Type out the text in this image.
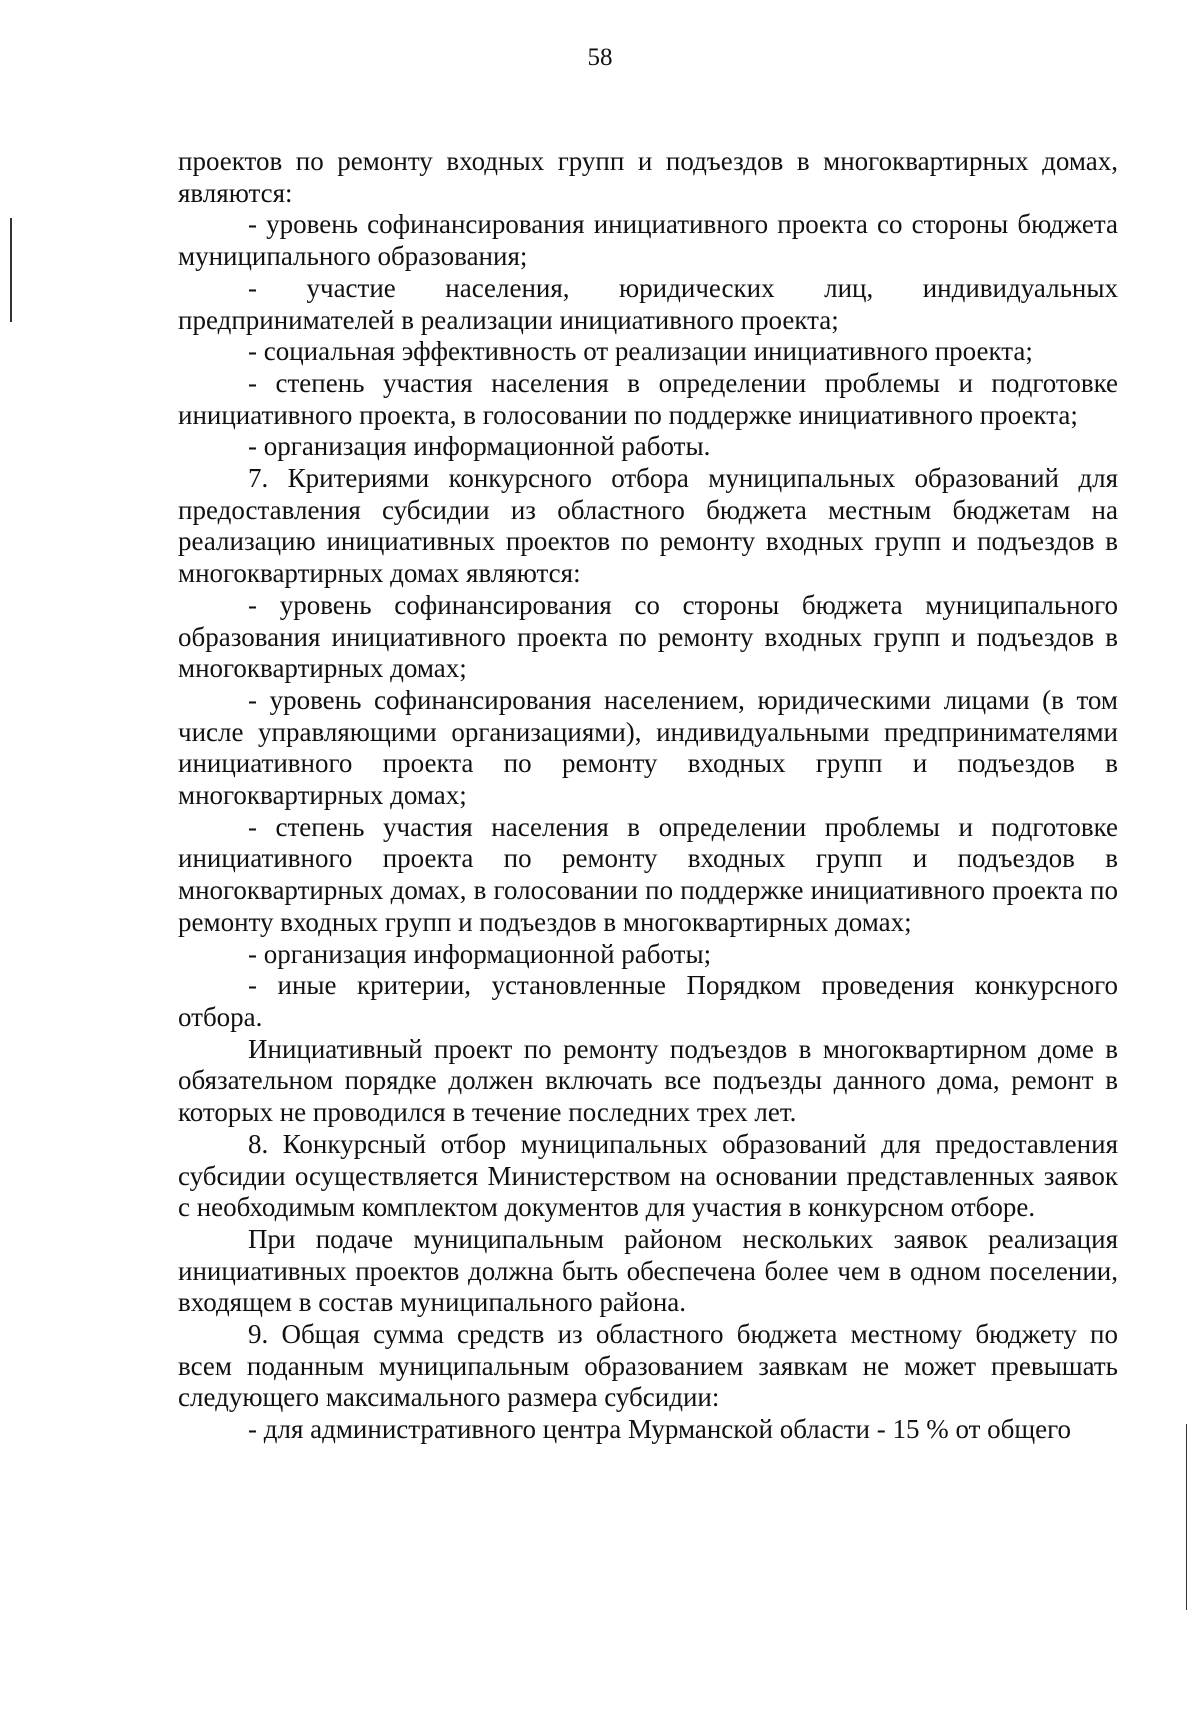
58

проектов по ремонту входных групп и подъездов в многоквартирных домах, являются:

- уровень софинансирования инициативного проекта со стороны бюджета муниципального образования;

- участие населения, юридических лиц, индивидуальных предпринимателей в реализации инициативного проекта;

- социальная эффективность от реализации инициативного проекта;

- степень участия населения в определении проблемы и подготовке инициативного проекта, в голосовании по поддержке инициативного проекта;

- организация информационной работы.

7. Критериями конкурсного отбора муниципальных образований для предоставления субсидии из областного бюджета местным бюджетам на реализацию инициативных проектов по ремонту входных групп и подъездов в многоквартирных домах являются:

- уровень софинансирования со стороны бюджета муниципального образования инициативного проекта по ремонту входных групп и подъездов в многоквартирных домах;

- уровень софинансирования населением, юридическими лицами (в том числе управляющими организациями), индивидуальными предпринимателями инициативного проекта по ремонту входных групп и подъездов в многоквартирных домах;

- степень участия населения в определении проблемы и подготовке инициативного проекта по ремонту входных групп и подъездов в многоквартирных домах, в голосовании по поддержке инициативного проекта по ремонту входных групп и подъездов в многоквартирных домах;

- организация информационной работы;

- иные критерии, установленные Порядком проведения конкурсного отбора.

Инициативный проект по ремонту подъездов в многоквартирном доме в обязательном порядке должен включать все подъезды данного дома, ремонт в которых не проводился в течение последних трех лет.

8. Конкурсный отбор муниципальных образований для предоставления субсидии осуществляется Министерством на основании представленных заявок с необходимым комплектом документов для участия в конкурсном отборе.

При подаче муниципальным районом нескольких заявок реализация инициативных проектов должна быть обеспечена более чем в одном поселении, входящем в состав муниципального района.

9. Общая сумма средств из областного бюджета местному бюджету по всем поданным муниципальным образованием заявкам не может превышать следующего максимального размера субсидии:

- для административного центра Мурманской области - 15 % от общего
